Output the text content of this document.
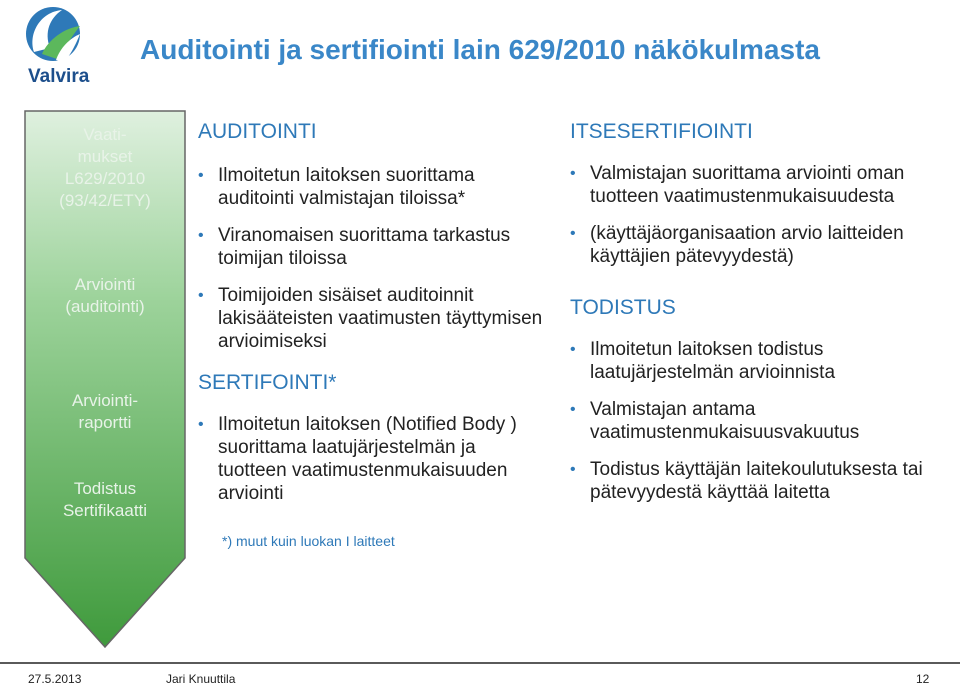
Valvira
Auditointi ja sertifiointi lain 629/2010 näkökulmasta
Vaati-
mukset
L629/2010
(93/42/ETY)
Arviointi
(auditointi)
Arviointi-
raportti
Todistus
Sertifikaatti

AUDITOINTI

• Ilmoitetun laitoksen suorittama auditointi valmistajan tiloissa*
• Viranomaisen suorittama tarkastus toimijan tiloissa
• Toimijoiden sisäiset auditoinnit lakisääteisten vaatimusten täyttymisen arvioimiseksi

SERTIFOINTI*

• Ilmoitetun laitoksen (Notified Body ) suorittama laatujärjestelmän ja tuotteen vaatimustenmukaisuuden arviointi
*) muut kuin luokan I laitteet

ITSESERTIFIOINTI

• Valmistajan suorittama arviointi oman tuotteen vaatimustenmukaisuudesta
• (käyttäjäorganisaation arvio laitteiden käyttäjien pätevyydestä)

TODISTUS

• Ilmoitetun laitoksen todistus laatujärjestelmän arvioinnista
• Valmistajan antama vaatimustenmukaisuusvakuutus
• Todistus käyttäjän laitekoulutuksesta tai pätevyydestä käyttää laitetta
27.5.2013	Jari Knuuttila	12
